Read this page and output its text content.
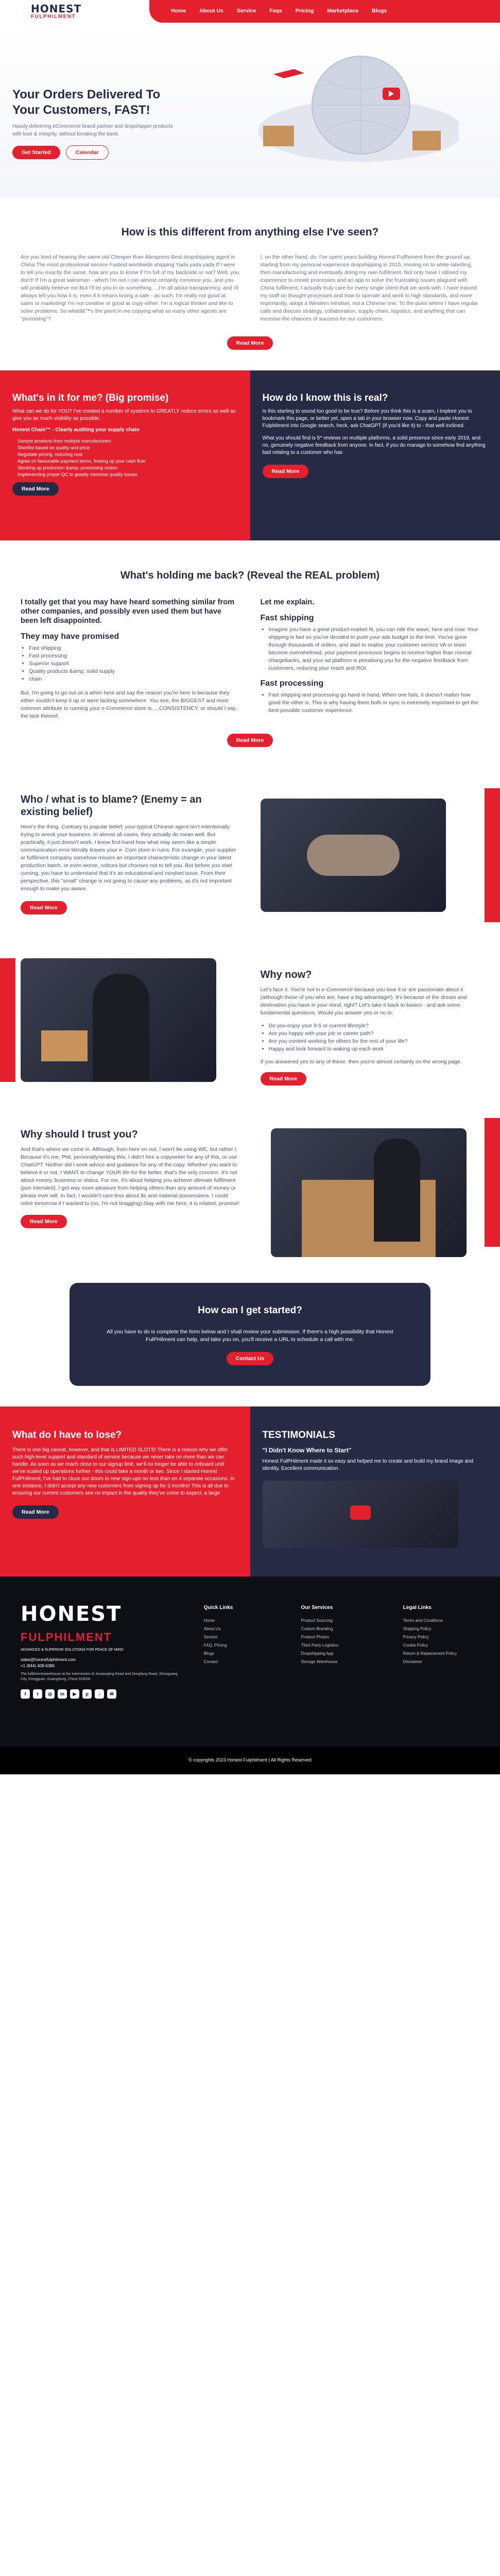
HONEST
FULPHILMENT
Home About Us Service Faqs Pricing Marketplace Blogs
Your Orders Delivered To Your Customers, FAST!

Hassly delivering eCommerce brand partner and dropshipper products with love & integrity, without breaking the bank.

Get Started	Calendar
How is this different from anything else I've seen?
Are you tired of hearing the same old Cheaper than Aliexpress Best dropshipping agent in China The most professional service Fastest worldwide shipping Yada yada yada If I were to tell you exactly the same, how are you to know if I'm full of my backside or not? Well, you don't! If I'm a great salesman - which I'm not I can almost certainly convince you, and you will probably believe me.But I'll let you in on something.....I'm all about transparency, and I'll always tell you how it is, even if it means losing a sale - as such, I'm really not good at sales or marketing! I'm not creative or good at copy either. I'm a logical thinker and like to solve problems. So whatâ€™s the point in me copying what so many other agents are "promising"?
I, on the other hand, do. I've spent years building Honest Fulfhiment from the ground up, starting from my personal experience dropshipping in 2015, moving on to white-labelling, then manufacturing and eventually doing my own fulfilment. Not only have I utilised my experience to create processes and an app to solve the frustrating issues plagued with China fulfilment, I actually truly care for every single client that we work with. I have trained my staff on thought processes and how to operate and work to high standards, and more importantly, adopt a Western mindset, not a Chinese one. To the point where I have regular calls and discuss strategy, collaboration, supply chain, logistics, and anything that can increase the chances of success for our customers.
Read More
What's in it for me? (Big promise)

What can we do for YOU? I've created a number of systems to GREATLY reduce errors as well as give you as much visibility as possible.

Honest Chain™ - Clearly auditing your supply chain

Sample products from multiple manufacturers
Shortlist based on quality and price
Negotiate pricing, reducing cost
Agree on favourable payment terms, freeing up your cash flow
Stocking up production &amp; processing orders
Implementing proper QC to greatly minimise quality issues
Read More
How do I know this is real?

Is this starting to sound too good to be true? Before you think this is a scam, I implore you to bookmark this page, or better yet, open a tab in your browser now. Copy and paste Honest Fulphilment into Google search, heck, ask ChatGPT (if you'd like it) to - that well inclined.

What you should find is 5* reviews on multiple platforms, a solid presence since early 2019, and no, genuinely negative feedback from anyone. In fact, if you do manage to somehow find anything bad relating to a customer who has

Read More
What's holding me back? (Reveal the REAL problem)
I totally get that you may have heard something similar from other companies, and possibly even used them but have been left disappointed.
They may have promised
• Fast shipping
• Fast processing
• Superior support
• Quality products &amp; solid supply
• chain

But, I'm going to go out on a whim here and say the reason you're here is because they either couldn't keep it up or were lacking somewhere. You see, the BIGGEST and most common attribute to running your e-Commerce store is.....CONSISTENCY, or should I say, the lack thereof.

Let me explain.
Fast shipping
• Imagine you have a great product-market fit, you can ride the wave, here and now. Your shipping is fast so you've decided to push your ads budget to the limit. You've gone through thousands of orders, and start to realise your customer service VA or team become overwhelmed, your payment processor begins to receive higher than normal chargebacks, and your ad platform is penalising you for the negative feedback from customers, reducing your reach and ROI.
Fast processing
• Fast shipping and processing go hand in hand. When one fails, it doesn't matter how good the other is. This is why having them both in sync is extremely important to get the best possible customer experience.
Read More
Who / what is to blame? (Enemy = an existing belief)

Here's the thing. Contrary to popular belief, your typical Chinese agent isn't intentionally trying to wreck your business. In almost all cases, they actually do mean well. But practically, it just doesn't work. I know first-hand how what may seem like a simple communication error literally leaves your e- Com store in ruins. For example, your supplier or fulfilment company somehow misses an important characteristic change in your latest production batch, or even worse, notices but chooses not to tell you. But before you start cursing, you have to understand that it's an educational and mindset issue. From their perspective, this "small" change is not going to cause any problems, as it's not important enough to make you aware.

Read More
Why now?

Let's face it. You're not in e-Commerce because you love it or are passionate about it (although those of you who are, have a big advantage!). It's because of the dream and destination you have in your mind, right? Let's take it back to basics - and ask some fundamental questions. Would you answer yes or no to:

• Do you enjoy your 9-5 or current lifestyle?
• Are you happy with your job or career path?
• Are you content working for others for the rest of your life?
• Happy and look forward to waking up each work

If you answered yes to any of these, then you're almost certainly on the wrong page.

Read More
Why should I trust you?

And that's where we come in. Although, from here on out, I won't be using WE, but rather I. Because it's me, Phil, personally!writing this, I didn't hire a copywriter for any of this, or use ChatGPT. Neither did I seek advice and guidance for any of the copy. Whether you want to believe it or not, I WANT to change YOUR life for the better, that's the only concern. It's not about money, business or status. For me, it's about helping you achieve ultimate fulfilment (pun intended). I get way more pleasure from helping others than any amount of money or please ever will. In fact, I wouldn't care less about $s and material possessions. I could retire tomorrow if I wanted to (no, I'm not bragging).Stay with me here, it is related, promise!

Read More
How can I get started?

All you have to do is complete the form below and I shall review your submission. If there's a high possibility that Honest FulPHilment can help, and take you on, you'll receive a URL to schedule a call with me.

Contact Us
What do I have to lose?

There is one big caveat, however, and that is LIMITED SLOTS! There is a reason why we offer such high-level support and standard of service because we never take on more than we can handle. As soon as we reach close to our signup limit, we'll no longer be able to onboard until we've scaled up operations further - this could take a month or two. Since I started Honest FulPHilment, I've had to close our doors to new sign-ups no less than on 4 separate occasions. In one instance, I didn't accept any new customers from signing up for 3 months! This is all due to ensuring our current customers see no impact in the quality they've come to expect, a large

Read More
TESTIMONIALS

"I Didn't Know Where to Start"

Honest FulPHilment made it so easy and helped me to create and build my brand image and identity. Excellent communication.

HONEST
FULPHILMENT
ADVANCED & SUPERIOR SOLUTIONS FOR PEACE OF MIND
sales@honestfulphilment.com
+1 (844) 408-6386
The fulfilment/warehouse at the intersection of Jiuxiangling Road and Dongfang Road, Shanguang City, Dongguan, Guangdong, China 523000
f	t	◎	in	▶	p	♪	✉
Quick Links
Home
About Us
Service
FAQ, Pricing
Blogs
Contact
Our Services
Product Sourcing
Custom Branding
Product Photos
Third Party Logistics
Dropshipping App
Storage Warehouse
Legal Links
Terms and Conditions
Shipping Policy
Privacy Policy
Cookie Policy
Return & Replacement Policy
Disclaimer
© copyrights 2023 Honest Fulphilment | All Rights Reserved
